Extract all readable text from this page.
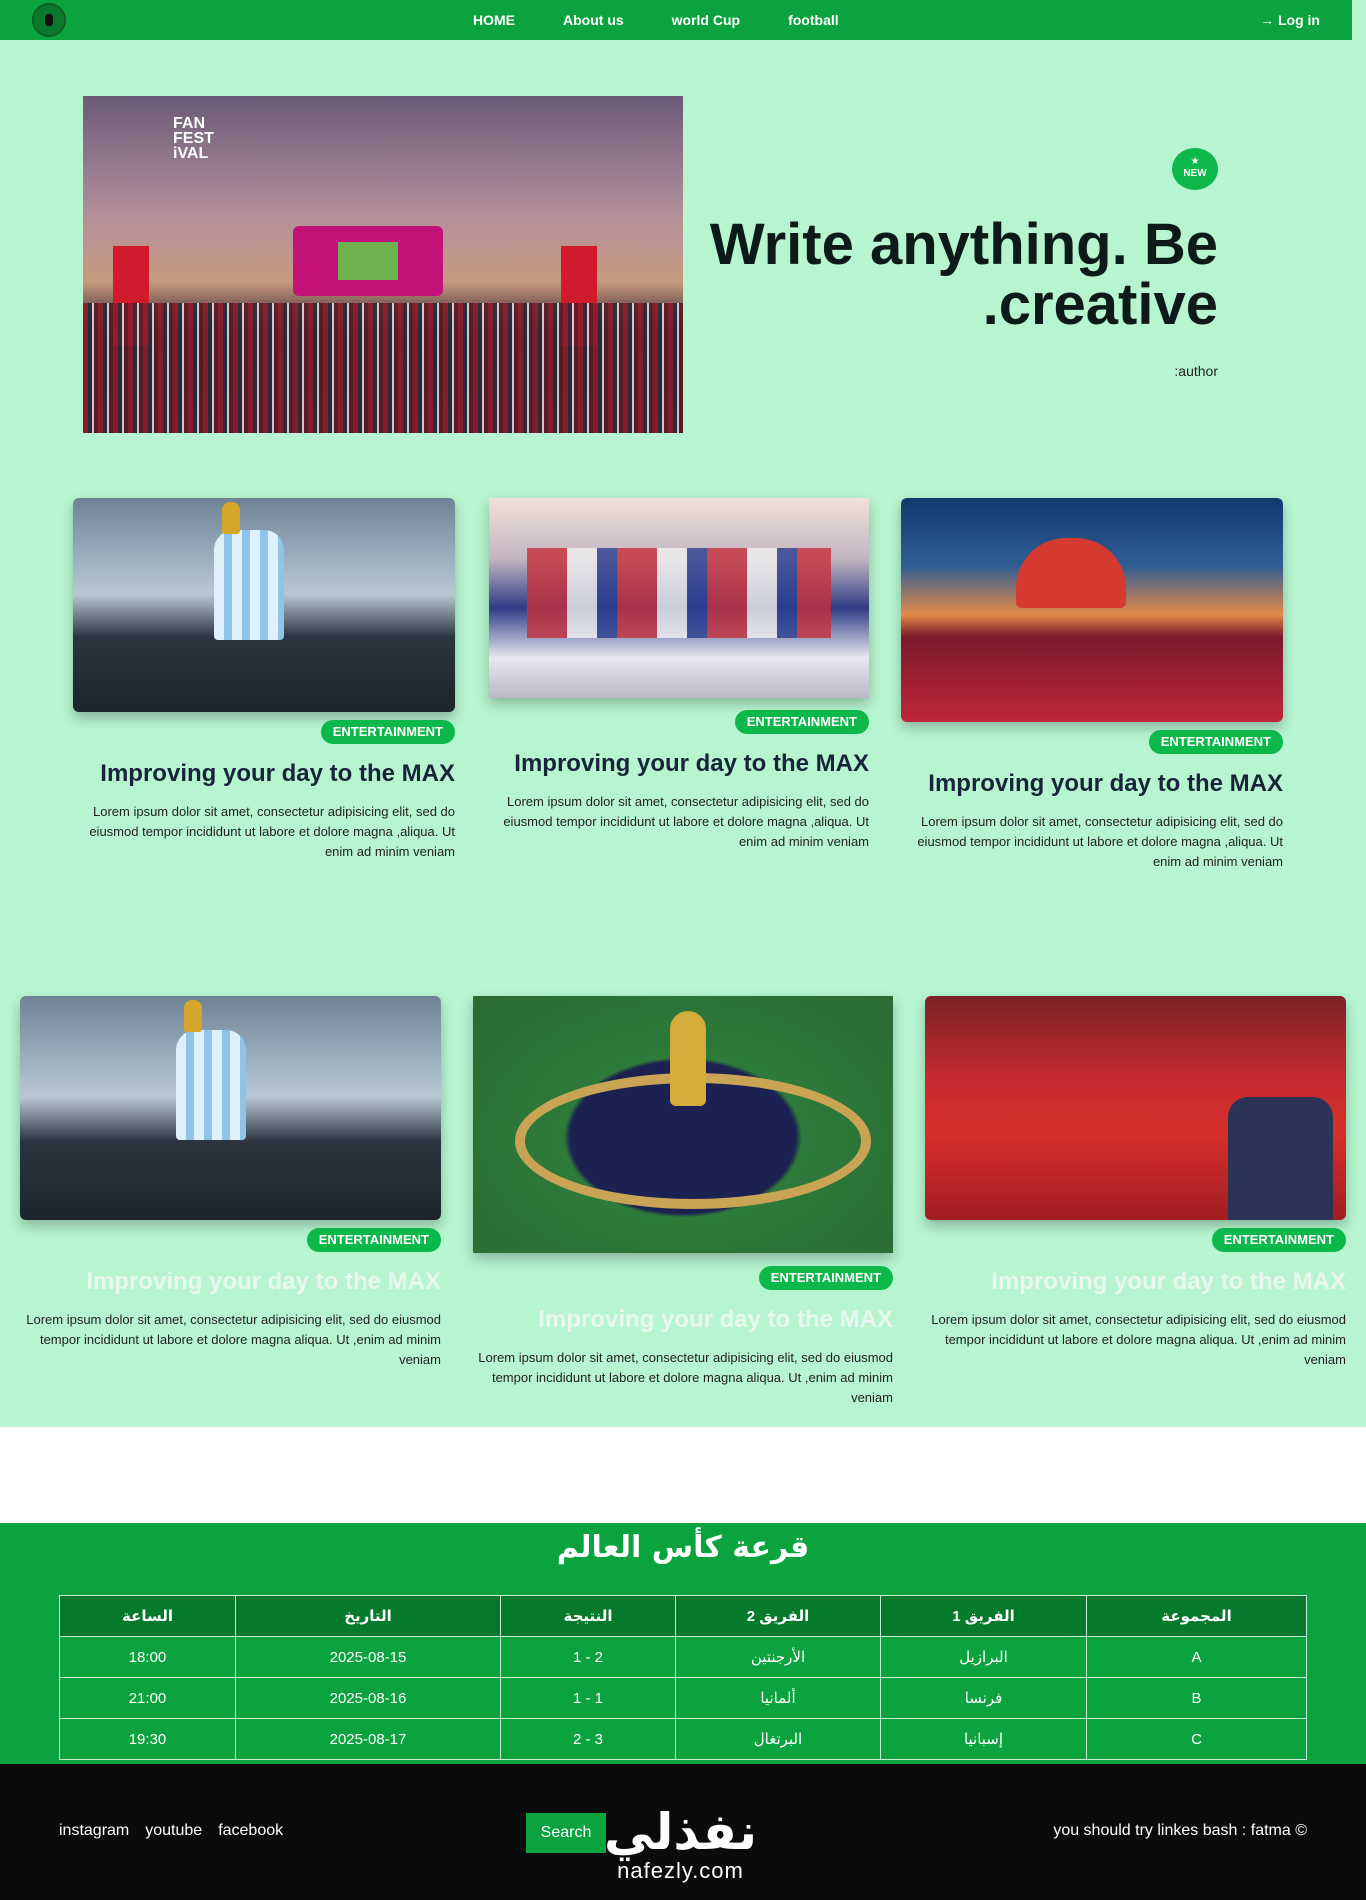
HOME	About us	world Cup	football	→ Log in
FAN FEST iVAL	★
NEW
Write anything. Be .creative
:author
ENTERTAINMENT
Improving your day to the MAX
Lorem ipsum dolor sit amet, consectetur adipisicing elit, sed do eiusmod tempor incididunt ut labore et dolore magna ,aliqua. Ut enim ad minim veniam
ENTERTAINMENT
Improving your day to the MAX
Lorem ipsum dolor sit amet, consectetur adipisicing elit, sed do eiusmod tempor incididunt ut labore et dolore magna ,aliqua. Ut enim ad minim veniam
ENTERTAINMENT
Improving your day to the MAX
Lorem ipsum dolor sit amet, consectetur adipisicing elit, sed do eiusmod tempor incididunt ut labore et dolore magna ,aliqua. Ut enim ad minim veniam
ENTERTAINMENT
Improving your day to the MAX
Lorem ipsum dolor sit amet, consectetur adipisicing elit, sed do eiusmod tempor incididunt ut labore et dolore magna aliqua. Ut ,enim ad minim veniam
ENTERTAINMENT
Improving your day to the MAX
Lorem ipsum dolor sit amet, consectetur adipisicing elit, sed do eiusmod tempor incididunt ut labore et dolore magna aliqua. Ut ,enim ad minim veniam
ENTERTAINMENT
Improving your day to the MAX
Lorem ipsum dolor sit amet, consectetur adipisicing elit, sed do eiusmod tempor incididunt ut labore et dolore magna aliqua. Ut ,enim ad minim veniam
قرعة كأس العالم
المجموعة	الفريق 1	الفريق 2	النتيجة	التاريخ	الساعة
A	البرازيل	الأرجنتين	2 - 1	2025-08-15	18:00
B	فرنسا	ألمانيا	1 - 1	2025-08-16	21:00
C	إسبانيا	البرتغال	3 - 2	2025-08-17	19:30
instagram youtube facebook	Search	you should try linkes bash : fatma ©
نفذلي
nafezly.com
